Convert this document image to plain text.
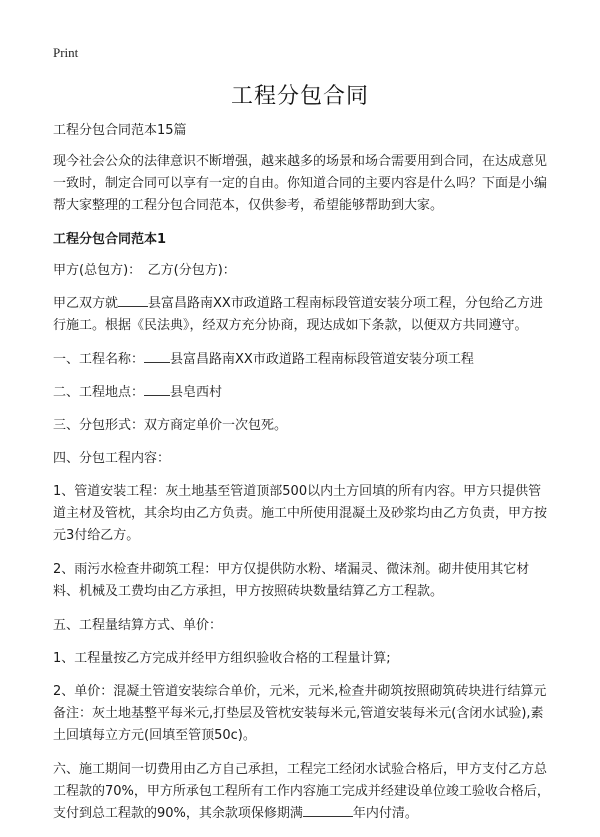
Print
工程分包合同

工程分包合同范本15篇

现今社会公众的法律意识不断增强，越来越多的场景和场合需要用到合同，在达成意见一致时，制定合同可以享有一定的自由。你知道合同的主要内容是什么吗？下面是小编帮大家整理的工程分包合同范本，仅供参考，希望能够帮助到大家。

工程分包合同范本1

甲方(总包方)：　乙方(分包方)：

甲乙双方就 县富昌路南XX市政道路工程南标段管道安装分项工程，分包给乙方进行施工。根据《民法典》，经双方充分协商，现达成如下条款，以便双方共同遵守。

一、工程名称： 县富昌路南XX市政道路工程南标段管道安装分项工程

二、工程地点： 县皂西村

三、分包形式：双方商定单价一次包死。

四、分包工程内容：

1、管道安装工程：灰土地基至管道顶部500以内土方回填的所有内容。甲方只提供管道主材及管枕，其余均由乙方负责。施工中所使用混凝土及砂浆均由乙方负责，甲方按元3付给乙方。

2、雨污水检查井砌筑工程：甲方仅提供防水粉、堵漏灵、微沫剂。砌井使用其它材料、机械及工费均由乙方承担，甲方按照砖块数量结算乙方工程款。

五、工程量结算方式、单价：

1、工程量按乙方完成并经甲方组织验收合格的工程量计算;

2、单价：混凝土管道安装综合单价，元米，元米,检查井砌筑按照砌筑砖块进行结算元 备注：灰土地基整平每米元,打垫层及管枕安装每米元,管道安装每米元(含闭水试验),素土回填每立方元(回填至管顶50c)。

六、施工期间一切费用由乙方自己承担，工程完工经闭水试验合格后，甲方支付乙方总工程款的70%，甲方所承包工程所有工作内容施工完成并经建设单位竣工验收合格后，支付到总工程款的90%，其余款项保修期满	年内付清。
